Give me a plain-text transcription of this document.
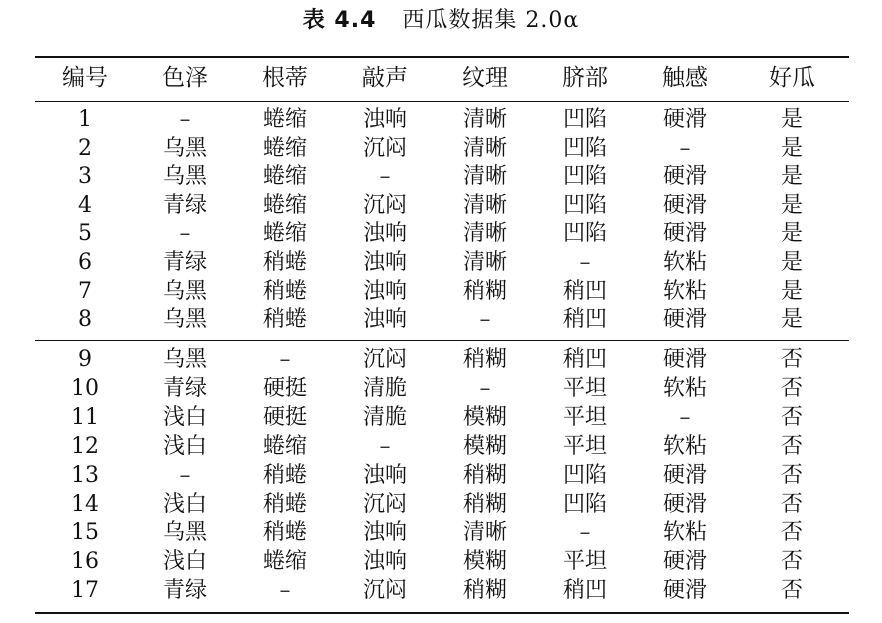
表 4.4 西瓜数据集 2.0α
编号	色泽	根蒂	敲声	纹理	脐部	触感	好瓜
1	–	蜷缩	浊响	清晰	凹陷	硬滑	是
2	乌黑	蜷缩	沉闷	清晰	凹陷	–	是
3	乌黑	蜷缩	–	清晰	凹陷	硬滑	是
4	青绿	蜷缩	沉闷	清晰	凹陷	硬滑	是
5	–	蜷缩	浊响	清晰	凹陷	硬滑	是
6	青绿	稍蜷	浊响	清晰	–	软粘	是
7	乌黑	稍蜷	浊响	稍糊	稍凹	软粘	是
8	乌黑	稍蜷	浊响	–	稍凹	硬滑	是
9	乌黑	–	沉闷	稍糊	稍凹	硬滑	否
10	青绿	硬挺	清脆	–	平坦	软粘	否
11	浅白	硬挺	清脆	模糊	平坦	–	否
12	浅白	蜷缩	–	模糊	平坦	软粘	否
13	–	稍蜷	浊响	稍糊	凹陷	硬滑	否
14	浅白	稍蜷	沉闷	稍糊	凹陷	硬滑	否
15	乌黑	稍蜷	浊响	清晰	–	软粘	否
16	浅白	蜷缩	浊响	模糊	平坦	硬滑	否
17	青绿	–	沉闷	稍糊	稍凹	硬滑	否
